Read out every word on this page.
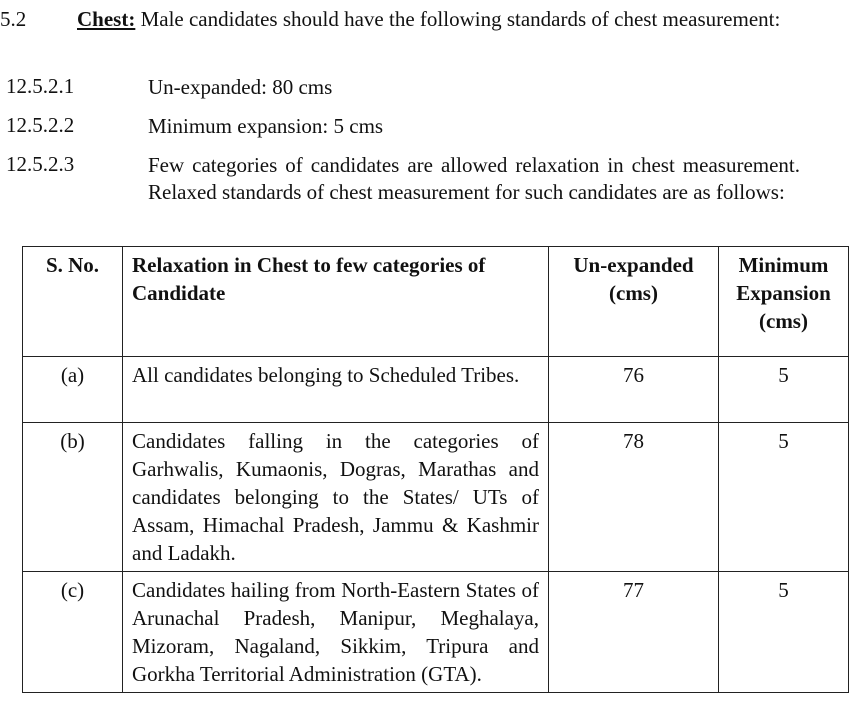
5.2 Chest: Male candidates should have the following standards of chest measurement:
12.5.2.1	Un-expanded: 80 cms
12.5.2.2	Minimum expansion: 5 cms
12.5.2.3	Few categories of candidates are allowed relaxation in chest measurement. Relaxed standards of chest measurement for such candidates are as follows:
S. No.	Relaxation in Chest to few categories of Candidate	Un-expanded (cms)	Minimum Expansion (cms)
(a)	All candidates belonging to Scheduled Tribes.	76	5
(b)	Candidates falling in the categories of Garhwalis, Kumaonis, Dogras, Marathas and candidates belonging to the States/ UTs of Assam, Himachal Pradesh, Jammu & Kashmir and Ladakh.	78	5
(c)	Candidates hailing from North-Eastern States of Arunachal Pradesh, Manipur, Meghalaya, Mizoram, Nagaland, Sikkim, Tripura and Gorkha Territorial Administration (GTA).	77	5
